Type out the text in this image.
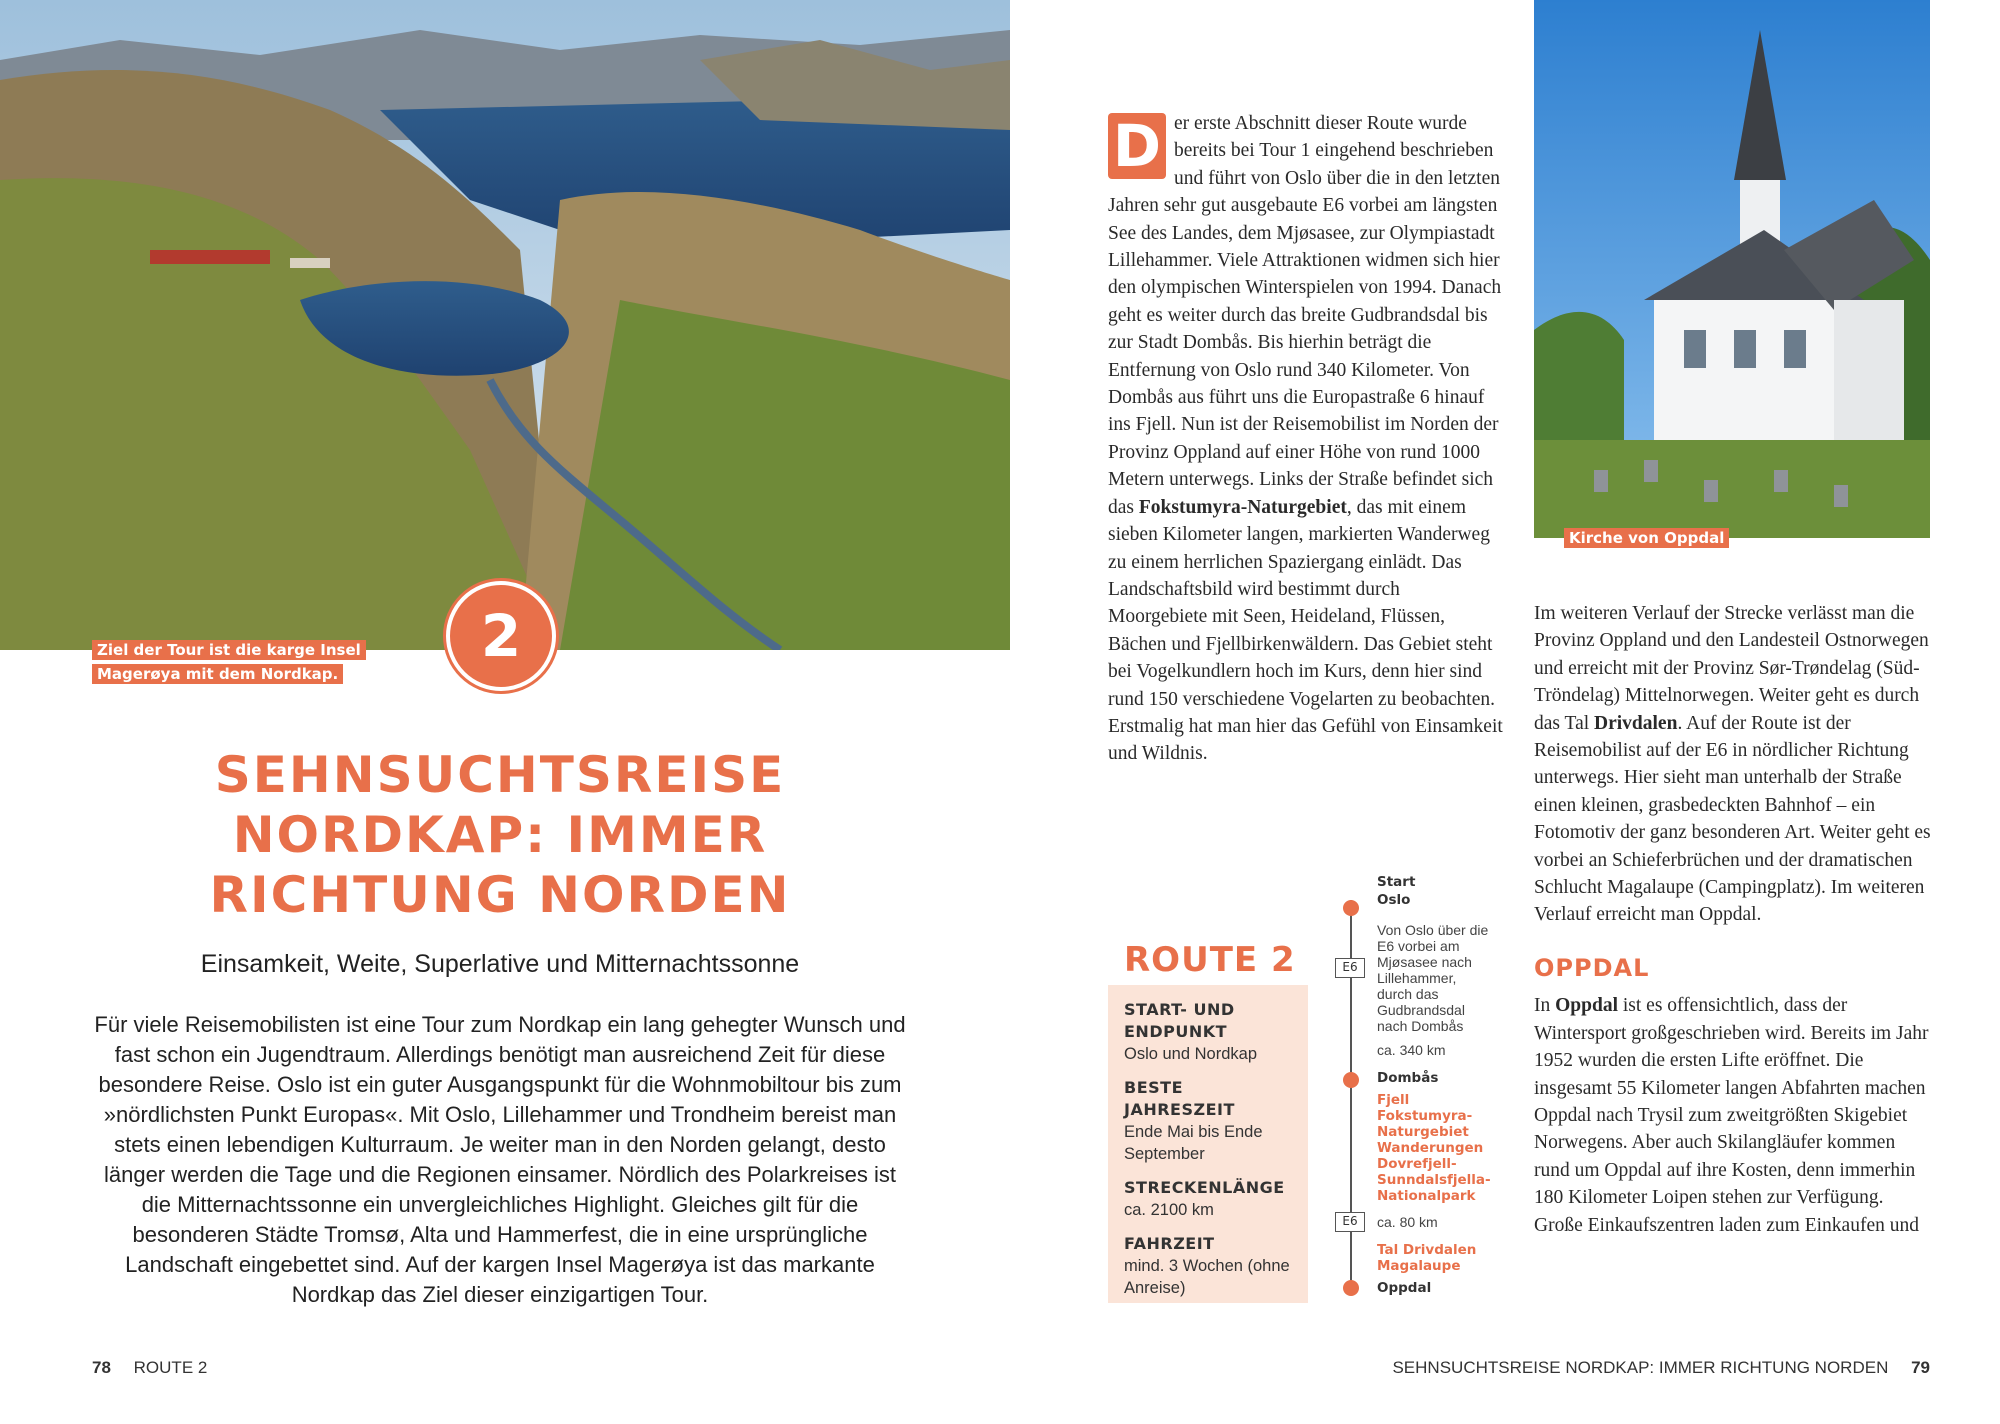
Ziel der Tour ist die karge Insel
Magerøya mit dem Nordkap.
2
SEHNSUCHTSREISE
NORDKAP: IMMER
RICHTUNG NORDEN
Einsamkeit, Weite, Superlative und Mitternachtssonne
Für viele Reisemobilisten ist eine Tour zum Nordkap ein lang gehegter Wunsch und fast schon ein Jugendtraum. Allerdings benötigt man ausreichend Zeit für diese besondere Reise. Oslo ist ein guter Ausgangspunkt für die Wohnmobiltour bis zum »nördlichsten Punkt Europas«. Mit Oslo, Lillehammer und Trondheim bereist man stets einen lebendigen Kulturraum. Je weiter man in den Norden gelangt, desto länger werden die Tage und die Regionen einsamer. Nördlich des Polarkreises ist die Mitternachtssonne ein unvergleichliches Highlight. Gleiches gilt für die besonderen Städte Tromsø, Alta und Hammerfest, die in eine ursprüngliche Landschaft eingebettet sind. Auf der kargen Insel Magerøya ist das markante Nordkap das Ziel dieser einzigartigen Tour.
78 ROUTE 2
D er erste Abschnitt dieser Route wurde bereits bei Tour 1 eingehend beschrieben und führt von Oslo über die in den letzten Jahren sehr gut ausgebaute E6 vorbei am längsten See des Landes, dem Mjøsasee, zur Olympiastadt Lillehammer. Viele Attraktionen widmen sich hier den olympischen Winterspielen von 1994. Danach geht es weiter durch das breite Gudbrandsdal bis zur Stadt Dombås. Bis hierhin beträgt die Entfernung von Oslo rund 340 Kilometer. Von Dombås aus führt uns die Europastraße 6 hinauf ins Fjell. Nun ist der Reisemobilist im Norden der Provinz Oppland auf einer Höhe von rund 1000 Metern unterwegs. Links der Straße befindet sich das Fokstumyra-Naturgebiet, das mit einem sieben Kilometer langen, markierten Wanderweg zu einem herrlichen Spaziergang einlädt. Das Landschaftsbild wird bestimmt durch Moorgebiete mit Seen, Heideland, Flüssen, Bächen und Fjellbirkenwäldern. Das Gebiet steht bei Vogelkundlern hoch im Kurs, denn hier sind rund 150 verschiedene Vogelarten zu beobachten. Erstmalig hat man hier das Gefühl von Einsamkeit und Wildnis.
Kirche von Oppdal

Im weiteren Verlauf der Strecke verlässt man die Provinz Oppland und den Landesteil Ostnorwegen und erreicht mit der Provinz Sør-Trøndelag (Süd-Tröndelag) Mittelnorwegen. Weiter geht es durch das Tal Drivdalen. Auf der Route ist der Reisemobilist auf der E6 in nördlicher Richtung unterwegs. Hier sieht man unterhalb der Straße einen kleinen, grasbedeckten Bahnhof – ein Fotomotiv der ganz besonderen Art. Weiter geht es vorbei an Schieferbrüchen und der dramatischen Schlucht Magalaupe (Campingplatz). Im weiteren Verlauf erreicht man Oppdal.

OPPDAL

In Oppdal ist es offensichtlich, dass der Wintersport großgeschrieben wird. Bereits im Jahr 1952 wurden die ersten Lifte eröffnet. Die insgesamt 55 Kilometer langen Abfahrten machen Oppdal nach Trysil zum zweitgrößten Skigebiet Norwegens. Aber auch Skilangläufer kommen rund um Oppdal auf ihre Kosten, denn immerhin 180 Kilometer Loipen stehen zur Verfügung. Große Einkaufszentren laden zum Einkaufen und

ROUTE 2
START- UND ENDPUNKT
Oslo und Nordkap
BESTE JAHRESZEIT
Ende Mai bis Ende September
STRECKENLÄNGE
ca. 2100 km
FAHRZEIT
mind. 3 Wochen (ohne Anreise)
Start
Oslo
E6
Von Oslo über die E6 vorbei am Mjøsasee nach Lillehammer, durch das Gudbrandsdal nach Dombås
ca. 340 km
Dombås
Fjell Fokstumyra-Naturgebiet Wanderungen Dovrefjell-Sunndalsfjella-Nationalpark
E6	ca. 80 km
Tal Drivdalen Magalaupe
Oppdal
SEHNSUCHTSREISE NORDKAP: IMMER RICHTUNG NORDEN 79
